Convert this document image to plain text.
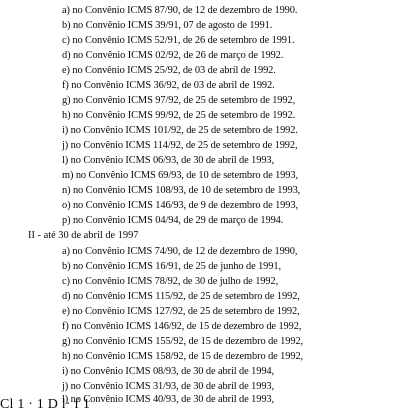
a) no Convênio ICMS 87/90, de 12 de dezembro de 1990.
b) no Convênio ICMS 39/91, 07 de agosto de 1991.
c) no Convênio ICMS 52/91, de 26 de setembro de 1991.
d) no Convênio ICMS 02/92, de 26 de março de 1992.
e) no Convênio ICMS 25/92, de 03 de abril de 1992.
f) no Convênio ICMS 36/92, de 03 de abril de 1992.
g) no Convênio ICMS 97/92, de 25 de setembro de 1992,
h) no Convênio ICMS 99/92, de 25 de setembro de 1992.
i) no Convênio ICMS 101/92, de 25 de setembro de 1992.
j) no Convênio ICMS 114/92, de 25 de setembro de 1992,
l) no Convênio ICMS 06/93, de 30 de abril de 1993,
m) no Convênio ICMS 69/93, de 10 de setembro de 1993,
n) no Convênio ICMS 108/93, de 10 de setembro de 1993,
o) no Convênio ICMS 146/93, de 9 de dezembro de 1993,
p) no Convênio ICMS 04/94, de 29 de março de 1994.
II - até 30 de abril de 1997
a) no Convênio ICMS 74/90, de 12 de dezembro de 1990,
b) no Convênio ICMS 16/91, de 25 de junho de 1991,
c) no Convênio ICMS 78/92, de 30 de julho de 1992,
d) no Convênio ICMS 115/92, de 25 de setembro de 1992,
e) no Convênio ICMS 127/92, de 25 de setembro de 1992,
f) no Convênio ICMS 146/92, de 15 de dezembro de 1992,
g) no Convênio ICMS 155/92, de 15 de dezembro de 1992,
h) no Convênio ICMS 158/92, de 15 de dezembro de 1992,
i) no Convênio ICMS 08/93, de 30 de abril de 1994,
j) no Convênio ICMS 31/93, de 30 de abril de 1993,
l) no Convênio ICMS 40/93, de 30 de abril de 1993,
Cl 1 · 1 D l· f 1
